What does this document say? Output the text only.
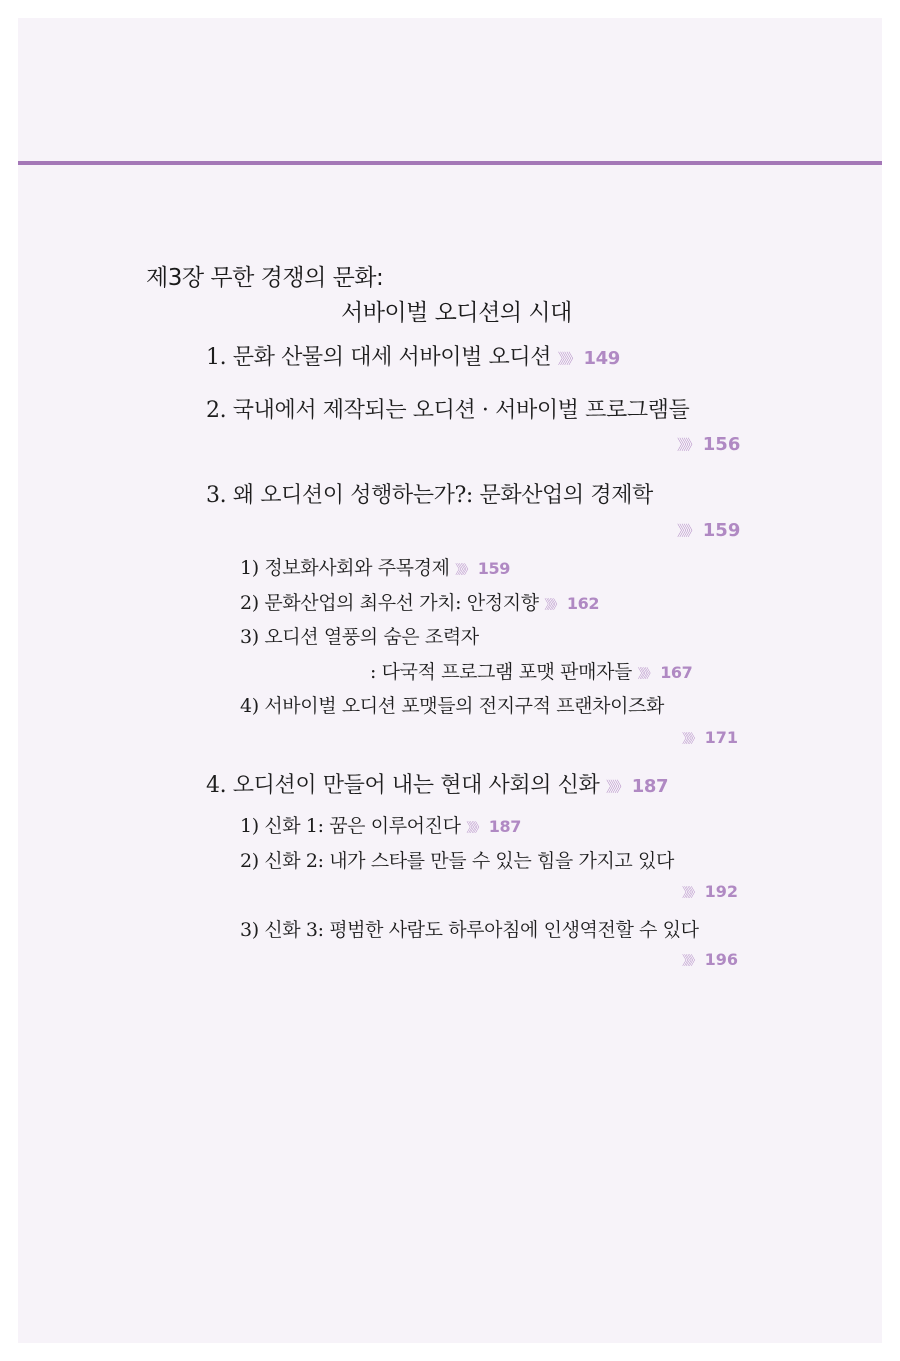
제3장 무한 경쟁의 문화:
서바이벌 오디션의 시대
1. 문화 산물의 대세 서바이벌 오디션 》》》 149
2. 국내에서 제작되는 오디션 · 서바이벌 프로그램들
》》》 156
3. 왜 오디션이 성행하는가?: 문화산업의 경제학
》》》 159
1) 정보화사회와 주목경제 》》》 159
2) 문화산업의 최우선 가치: 안정지향 》》》 162
3) 오디션 열풍의 숨은 조력자
: 다국적 프로그램 포맷 판매자들 》》》 167
4) 서바이벌 오디션 포맷들의 전지구적 프랜차이즈화
》》》 171
4. 오디션이 만들어 내는 현대 사회의 신화 》》》 187
1) 신화 1: 꿈은 이루어진다 》》》 187
2) 신화 2: 내가 스타를 만들 수 있는 힘을 가지고 있다
》》》 192
3) 신화 3: 평범한 사람도 하루아침에 인생역전할 수 있다
》》》 196
